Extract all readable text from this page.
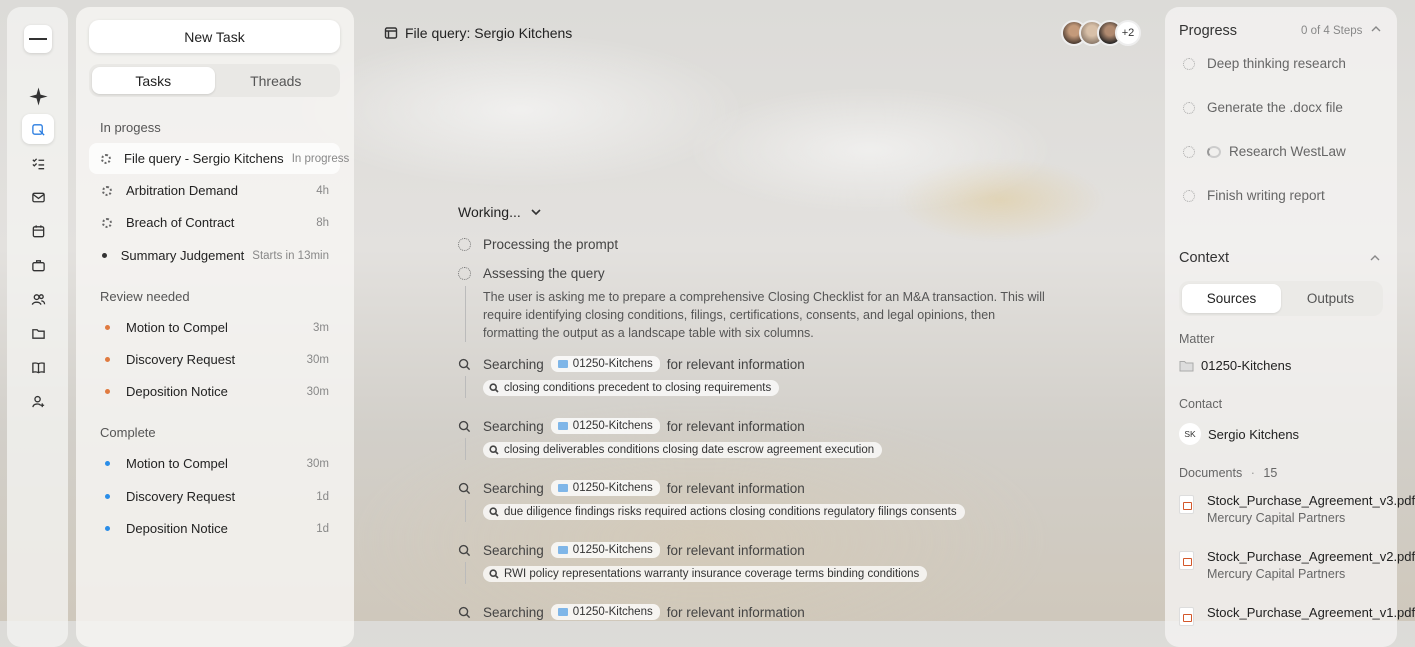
New Task
Tasks	Threads
In progess
File query - Sergio Kitchens In progress
Arbitration Demand	4h
Breach of Contract	8h
Summary Judgement Starts in 13min
Review needed
Motion to Compel	3m
Discovery Request	30m
Deposition Notice	30m
Complete
Motion to Compel	30m
Discovery Request	1d
Deposition Notice	1d
File query: Sergio Kitchens	+2
Working...
Processing the prompt
Assessing the query
The user is asking me to prepare a comprehensive Closing Checklist for an M&A transaction. This will require identifying closing conditions, filings, certifications, consents, and legal opinions, then formatting the output as a landscape table with six columns.
Searching	01250-Kitchens for relevant information
closing conditions precedent to closing requirements
Searching	01250-Kitchens for relevant information
closing deliverables conditions closing date escrow agreement execution
Searching	01250-Kitchens for relevant information
due diligence findings risks required actions closing conditions regulatory filings consents
Searching	01250-Kitchens for relevant information
RWI policy representations warranty insurance coverage terms binding conditions
Searching	01250-Kitchens for relevant information
Progress	0 of 4 Steps
Deep thinking research
Generate the .docx file
Research WestLaw
Finish writing report
Context
Sources	Outputs
Matter
01250-Kitchens
Contact
SK Sergio Kitchens
Documents · 15
Stock_Purchase_Agreement_v3.pdf
Mercury Capital Partners
Stock_Purchase_Agreement_v2.pdf
Mercury Capital Partners
Stock_Purchase_Agreement_v1.pdf
